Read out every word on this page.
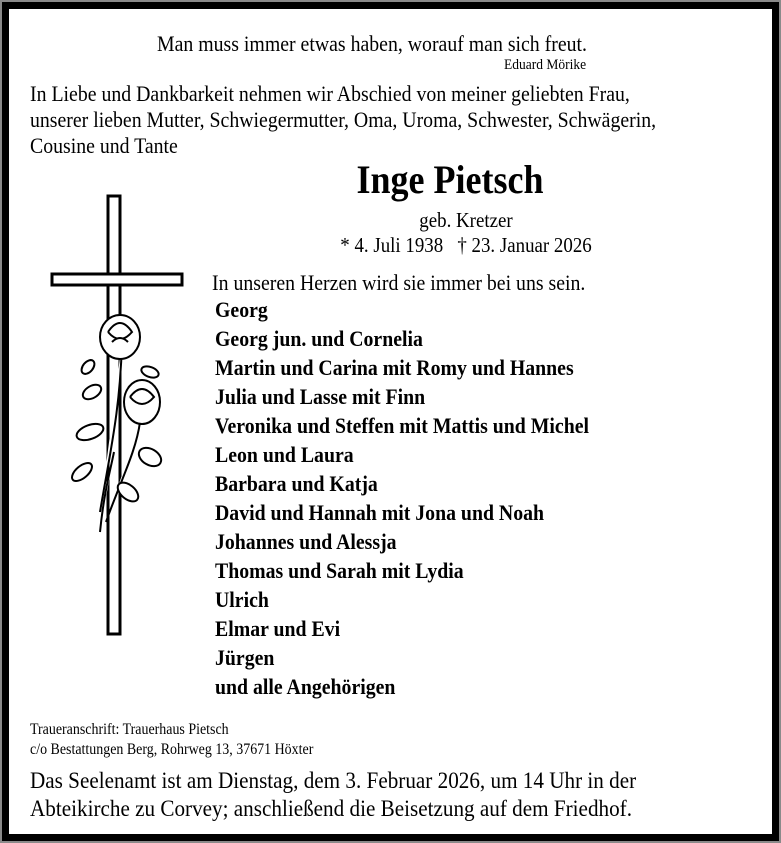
Man muss immer etwas haben, worauf man sich freut.
Eduard Mörike
In Liebe und Dankbarkeit nehmen wir Abschied von meiner geliebten Frau,
unserer lieben Mutter, Schwiegermutter, Oma, Uroma, Schwester, Schwägerin,
Cousine und Tante
Inge Pietsch
geb. Kretzer
* 4. Juli 1938   † 23. Januar 2026
In unseren Herzen wird sie immer bei uns sein.
Georg
Georg jun. und Cornelia
Martin und Carina mit Romy und Hannes
Julia und Lasse mit Finn
Veronika und Steffen mit Mattis und Michel
Leon und Laura
Barbara und Katja
David und Hannah mit Jona und Noah
Johannes und Alessja
Thomas und Sarah mit Lydia
Ulrich
Elmar und Evi
Jürgen
und alle Angehörigen
Traueranschrift: Trauerhaus Pietsch
c/o Bestattungen Berg, Rohrweg 13, 37671 Höxter
Das Seelenamt ist am Dienstag, dem 3. Februar 2026, um 14 Uhr in der
Abteikirche zu Corvey; anschließend die Beisetzung auf dem Friedhof.
